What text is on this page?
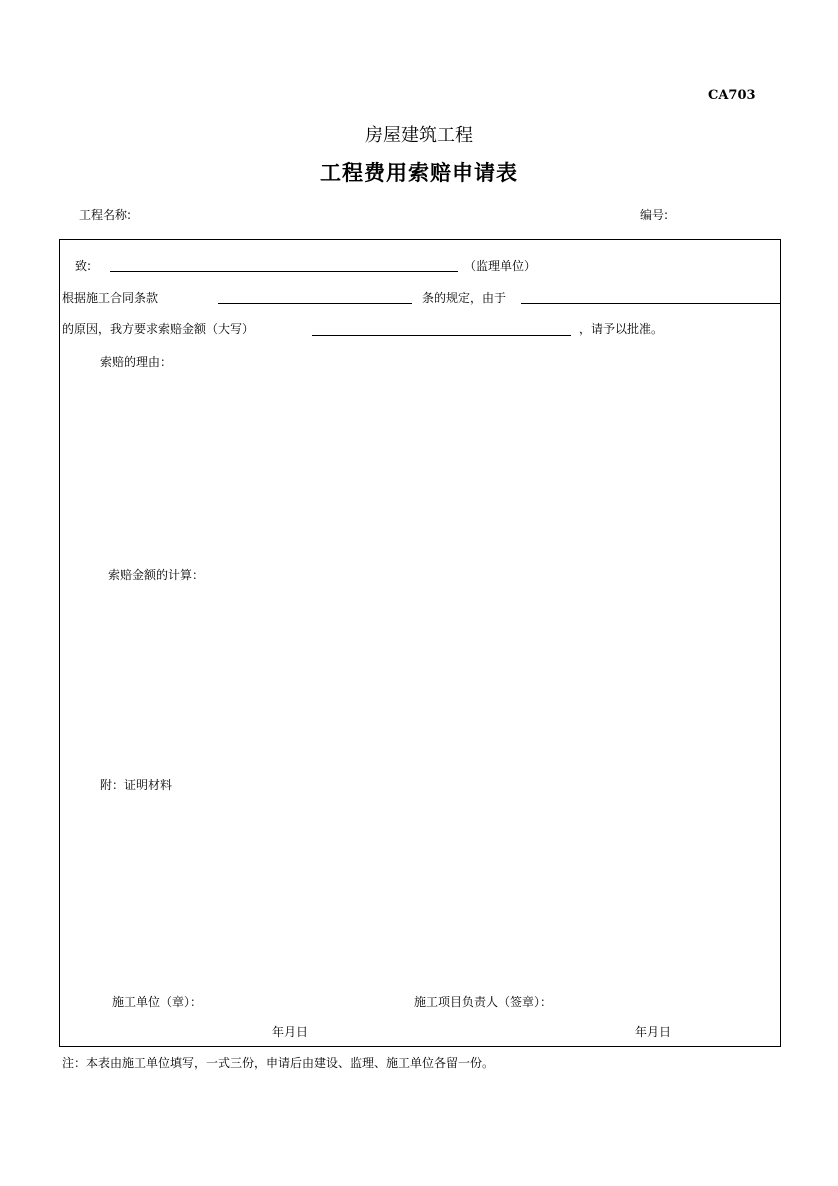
CA703
房屋建筑工程
工程费用索赔申请表
工程名称:	编号:
致:	（监理单位）
根据施工合同条款	条的规定，由于
的原因，我方要求索赔金额（大写）	，请予以批准。
索赔的理由：
索赔金额的计算：
附：证明材料
施工单位（章）：	施工项目负责人（签章）：
年月日	年月日
注：本表由施工单位填写，一式三份，申请后由建设、监理、施工单位各留一份。
